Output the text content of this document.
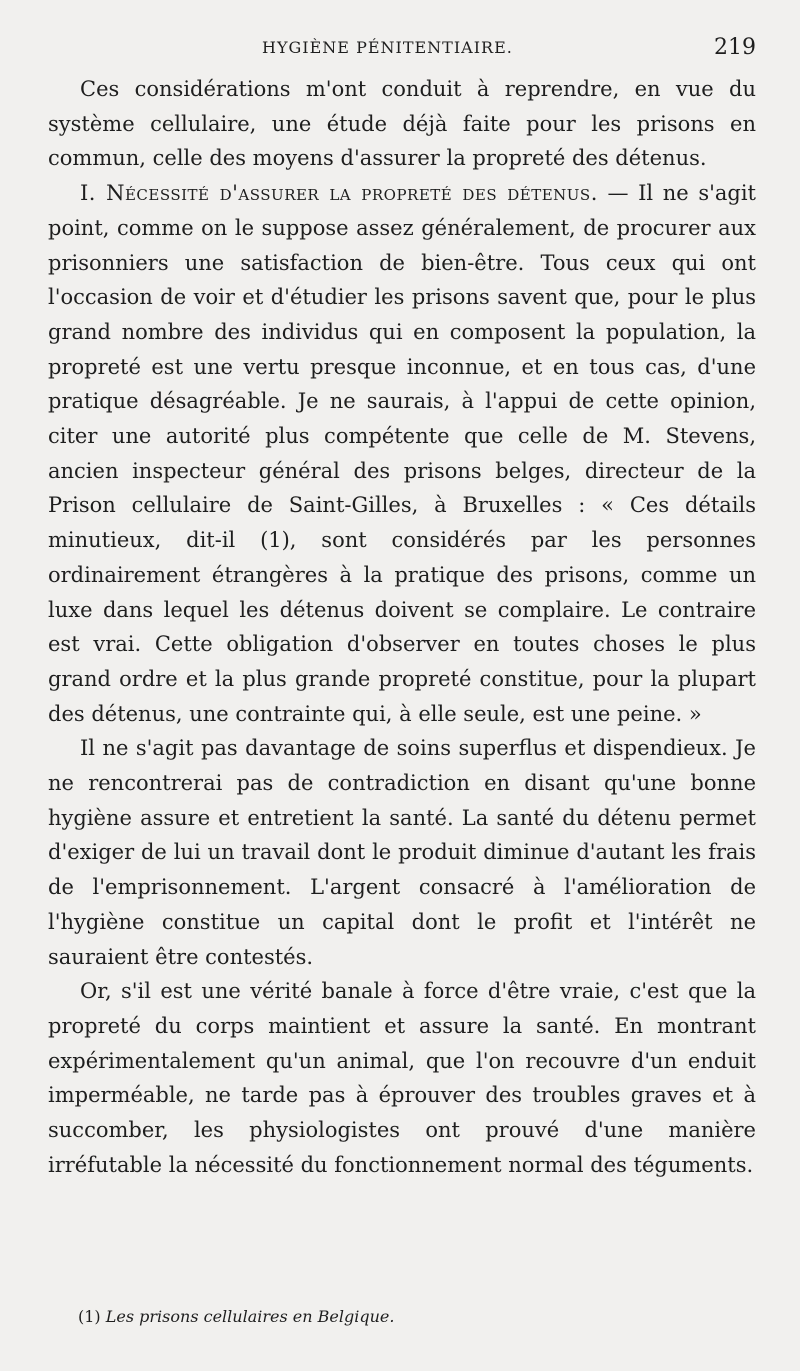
HYGIÈNE PÉNITENTIAIRE.	219

Ces considérations m'ont conduit à reprendre, en vue du système cellulaire, une étude déjà faite pour les prisons en commun, celle des moyens d'assurer la propreté des détenus.

I. Nécessité d'assurer la propreté des détenus. — Il ne s'agit point, comme on le suppose assez généralement, de procurer aux prisonniers une satisfaction de bien-être. Tous ceux qui ont l'occasion de voir et d'étudier les prisons savent que, pour le plus grand nombre des individus qui en composent la population, la propreté est une vertu presque inconnue, et en tous cas, d'une pratique désagréable. Je ne saurais, à l'appui de cette opinion, citer une autorité plus compétente que celle de M. Stevens, ancien inspecteur général des prisons belges, directeur de la Prison cellulaire de Saint-Gilles, à Bruxelles : « Ces détails minutieux, dit-il (1), sont considérés par les personnes ordinairement étrangères à la pratique des prisons, comme un luxe dans lequel les détenus doivent se complaire. Le contraire est vrai. Cette obligation d'observer en toutes choses le plus grand ordre et la plus grande propreté constitue, pour la plupart des détenus, une contrainte qui, à elle seule, est une peine. »

Il ne s'agit pas davantage de soins superflus et dispendieux. Je ne rencontrerai pas de contradiction en disant qu'une bonne hygiène assure et entretient la santé. La santé du détenu permet d'exiger de lui un travail dont le produit diminue d'autant les frais de l'emprisonnement. L'argent consacré à l'amélioration de l'hygiène constitue un capital dont le profit et l'intérêt ne sauraient être contestés.

Or, s'il est une vérité banale à force d'être vraie, c'est que la propreté du corps maintient et assure la santé. En montrant expérimentalement qu'un animal, que l'on recouvre d'un enduit imperméable, ne tarde pas à éprouver des troubles graves et à succomber, les physiologistes ont prouvé d'une manière irréfutable la nécessité du fonctionnement normal des téguments.

(1) Les prisons cellulaires en Belgique.
